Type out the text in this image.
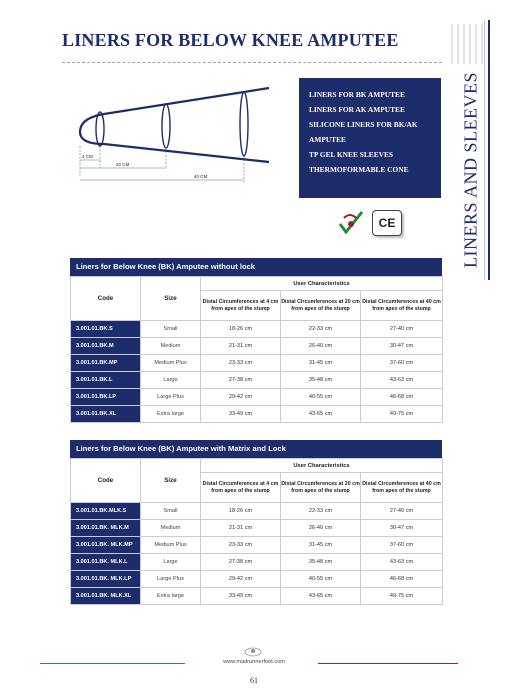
LINERS FOR BELOW KNEE AMPUTEE
LINERS AND SLEEVES
4 CM
20 CM
40 CM
LINERS FOR BK AMPUTEE
LINERS FOR AK AMPUTEE
SILICONE LINERS FOR BK/AK
AMPUTEE
TP GEL KNEE SLEEVES
THERMOFORMABLE CONE
CE
Liners for Below Knee (BK) Amputee without lock
Code	Size	User Characteristics		
		Distal Circumferences at 4 cm from apex of the stump	Distal Circumferences at 20 cm from apex of the stump	Distal Circumferences at 40 cm from apex of the stump
3.001.01.BK.S	Small	18-26 cm	22-33 cm	27-40 cm
3.001.01.BK.M	Medium	21-31 cm	26-40 cm	30-47 cm
3.001.01.BK.MP	Medium Plus	23-33 cm	31-45 cm	37-60 cm
3.001.01.BK.L	Large	27-38 cm	35-48 cm	43-63 cm
3.001.01.BK.LP	Large Plus	29-42 cm	40-55 cm	46-68 cm
3.001.01.BK.XL	Extra large	33-49 cm	43-65 cm	49-75 cm
Liners for Below Knee (BK) Amputee with Matrix and Lock
Code	Size	User Characteristics		
		Distal Circumferences at 4 cm from apex of the stump	Distal Circumferences at 20 cm from apex of the stump	Distal Circumferences at 40 cm from apex of the stump
3.001.01.BK.MLK.S	Small	18-26 cm	22-33 cm	27-40 cm
3.001.01.BK. MLK.M	Medium	21-31 cm	26-40 cm	30-47 cm
3.001.01.BK. MLK.MP	Medium Plus	23-33 cm	31-45 cm	37-60 cm
3.001.01.BK. MLK.L	Large	27-38 cm	35-48 cm	43-63 cm
3.001.01.BK. MLK.LP	Large Plus	29-42 cm	40-55 cm	46-68 cm
3.001.01.BK. MLK.XL	Extra large	33-49 cm	43-65 cm	49-75 cm
www.madrunnerfoot.com
61
